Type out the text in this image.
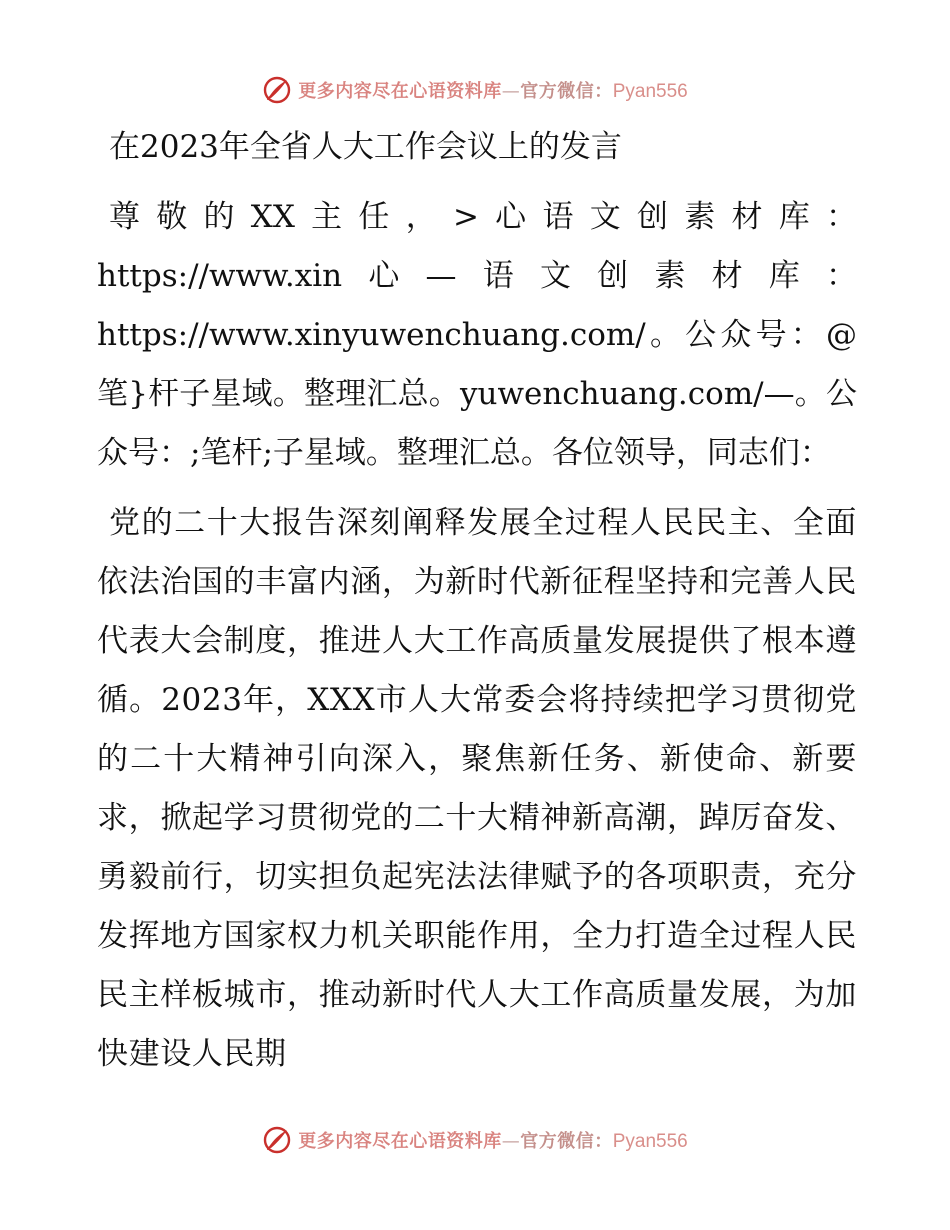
更多内容尽在心语资料库—官方微信：Pyan556

在2023年全省人大工作会议上的发言

尊敬的XX主任，>心语文创素材库：https://www.xin心—语文创素材库：https://www.xinyuwenchuang.com/。公众号：@笔}杆子星域。整理汇总。yuwenchuang.com/—。公众号：;笔杆;子星域。整理汇总。各位领导，同志们：

党的二十大报告深刻阐释发展全过程人民民主、全面依法治国的丰富内涵，为新时代新征程坚持和完善人民代表大会制度，推进人大工作高质量发展提供了根本遵循。2023年，XXX市人大常委会将持续把学习贯彻党的二十大精神引向深入，聚焦新任务、新使命、新要求，掀起学习贯彻党的二十大精神新高潮，踔厉奋发、勇毅前行，切实担负起宪法法律赋予的各项职责，充分发挥地方国家权力机关职能作用，全力打造全过程人民民主样板城市，推动新时代人大工作高质量发展，为加快建设人民期

更多内容尽在心语资料库—官方微信：Pyan556
